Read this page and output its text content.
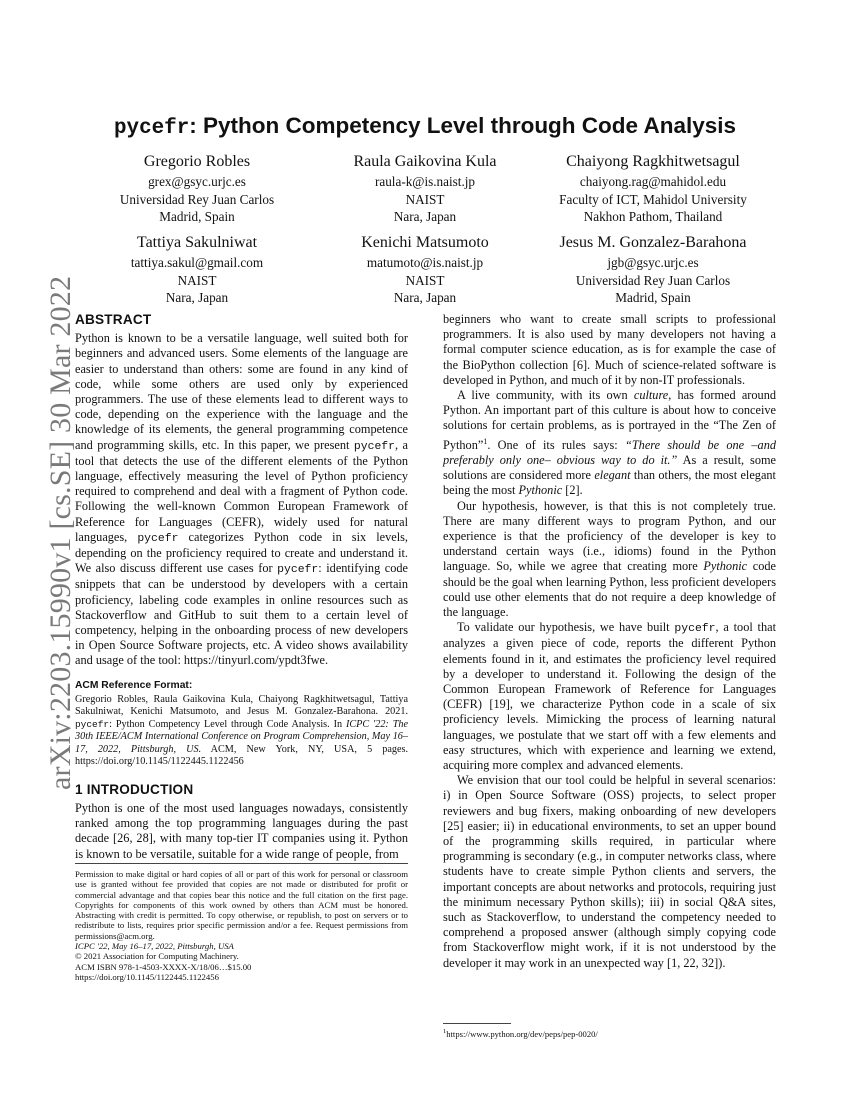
arXiv:2203.15990v1 [cs.SE] 30 Mar 2022
pycefr: Python Competency Level through Code Analysis
Gregorio Robles
grex@gsyc.urjc.es
Universidad Rey Juan Carlos
Madrid, Spain
Raula Gaikovina Kula
raula-k@is.naist.jp
NAIST
Nara, Japan
Chaiyong Ragkhitwetsagul
chaiyong.rag@mahidol.edu
Faculty of ICT, Mahidol University
Nakhon Pathom, Thailand
Tattiya Sakulniwat
tattiya.sakul@gmail.com
NAIST
Nara, Japan
Kenichi Matsumoto
matumoto@is.naist.jp
NAIST
Nara, Japan
Jesus M. Gonzalez-Barahona
jgb@gsyc.urjc.es
Universidad Rey Juan Carlos
Madrid, Spain
ABSTRACT

Python is known to be a versatile language, well suited both for beginners and advanced users. Some elements of the language are easier to understand than others: some are found in any kind of code, while some others are used only by experienced programmers. The use of these elements lead to different ways to code, depending on the experience with the language and the knowledge of its elements, the general programming competence and programming skills, etc. In this paper, we present pycefr, a tool that detects the use of the different elements of the Python language, effectively measuring the level of Python proficiency required to comprehend and deal with a fragment of Python code. Following the well-known Common European Framework of Reference for Languages (CEFR), widely used for natural languages, pycefr categorizes Python code in six levels, depending on the proficiency required to create and understand it. We also discuss different use cases for pycefr: identifying code snippets that can be understood by developers with a certain proficiency, labeling code examples in online resources such as Stackoverflow and GitHub to suit them to a certain level of competency, helping in the onboarding process of new developers in Open Source Software projects, etc. A video shows availability and usage of the tool: https://tinyurl.com/ypdt3fwe.

ACM Reference Format:

Gregorio Robles, Raula Gaikovina Kula, Chaiyong Ragkhitwetsagul, Tattiya Sakulniwat, Kenichi Matsumoto, and Jesus M. Gonzalez-Barahona. 2021. pycefr: Python Competency Level through Code Analysis. In ICPC '22: The 30th IEEE/ACM International Conference on Program Comprehension, May 16–17, 2022, Pittsburgh, US. ACM, New York, NY, USA, 5 pages. https://doi.org/10.1145/1122445.1122456

1 INTRODUCTION

Python is one of the most used languages nowadays, consistently ranked among the top programming languages during the past decade [26, 28], with many top-tier IT companies using it. Python is known to be versatile, suitable for a wide range of people, from

Permission to make digital or hard copies of all or part of this work for personal or classroom use is granted without fee provided that copies are not made or distributed for profit or commercial advantage and that copies bear this notice and the full citation on the first page. Copyrights for components of this work owned by others than ACM must be honored. Abstracting with credit is permitted. To copy otherwise, or republish, to post on servers or to redistribute to lists, requires prior specific permission and/or a fee. Request permissions from permissions@acm.org.

ICPC '22, May 16–17, 2022, Pittsburgh, USA

© 2021 Association for Computing Machinery.

ACM ISBN 978-1-4503-XXXX-X/18/06…$15.00

https://doi.org/10.1145/1122445.1122456

beginners who want to create small scripts to professional programmers. It is also used by many developers not having a formal computer science education, as is for example the case of the BioPython collection [6]. Much of science-related software is developed in Python, and much of it by non-IT professionals.

A live community, with its own culture, has formed around Python. An important part of this culture is about how to conceive solutions for certain problems, as is portrayed in the “The Zen of Python”$^1$. One of its rules says: “There should be one –and preferably only one– obvious way to do it.” As a result, some solutions are considered more elegant than others, the most elegant being the most Pythonic [2].

Our hypothesis, however, is that this is not completely true. There are many different ways to program Python, and our experience is that the proficiency of the developer is key to understand certain ways (i.e., idioms) found in the Python language. So, while we agree that creating more Pythonic code should be the goal when learning Python, less proficient developers could use other elements that do not require a deep knowledge of the language.

To validate our hypothesis, we have built pycefr, a tool that analyzes a given piece of code, reports the different Python elements found in it, and estimates the proficiency level required by a developer to understand it. Following the design of the Common European Framework of Reference for Languages (CEFR) [19], we characterize Python code in a scale of six proficiency levels. Mimicking the process of learning natural languages, we postulate that we start off with a few elements and easy structures, which with experience and learning we extend, acquiring more complex and advanced elements.

We envision that our tool could be helpful in several scenarios: i) in Open Source Software (OSS) projects, to select proper reviewers and bug fixers, making onboarding of new developers [25] easier; ii) in educational environments, to set an upper bound of the programming skills required, in particular where programming is secondary (e.g., in computer networks class, where students have to create simple Python clients and servers, the important concepts are about networks and protocols, requiring just the minimum necessary Python skills); iii) in social Q&A sites, such as Stackoverflow, to understand the competency needed to comprehend a proposed answer (although simply copying code from Stackoverflow might work, if it is not understood by the developer it may work in an unexpected way [1, 22, 32]).

$^1$https://www.python.org/dev/peps/pep-0020/
